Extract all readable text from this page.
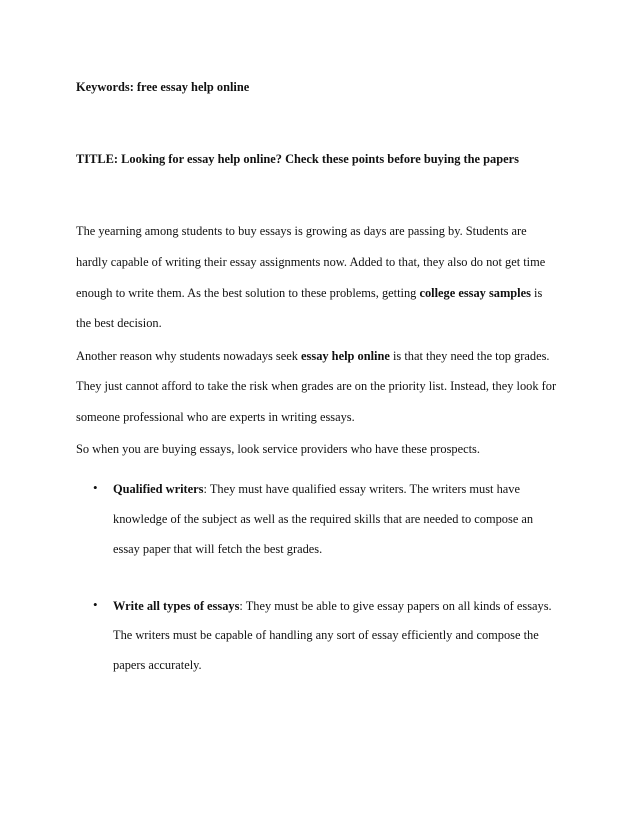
Keywords: free essay help online
TITLE: Looking for essay help online? Check these points before buying the papers
The yearning among students to buy essays is growing as days are passing by. Students are
hardly capable of writing their essay assignments now. Added to that, they also do not get time
enough to write them. As the best solution to these problems, getting college essay samples is
the best decision.
Another reason why students nowadays seek essay help online is that they need the top grades.
They just cannot afford to take the risk when grades are on the priority list. Instead, they look for
someone professional who are experts in writing essays.
So when you are buying essays, look service providers who have these prospects.
• Qualified writers: They must have qualified essay writers. The writers must have
knowledge of the subject as well as the required skills that are needed to compose an
essay paper that will fetch the best grades.
• Write all types of essays: They must be able to give essay papers on all kinds of essays.
The writers must be capable of handling any sort of essay efficiently and compose the
papers accurately.
